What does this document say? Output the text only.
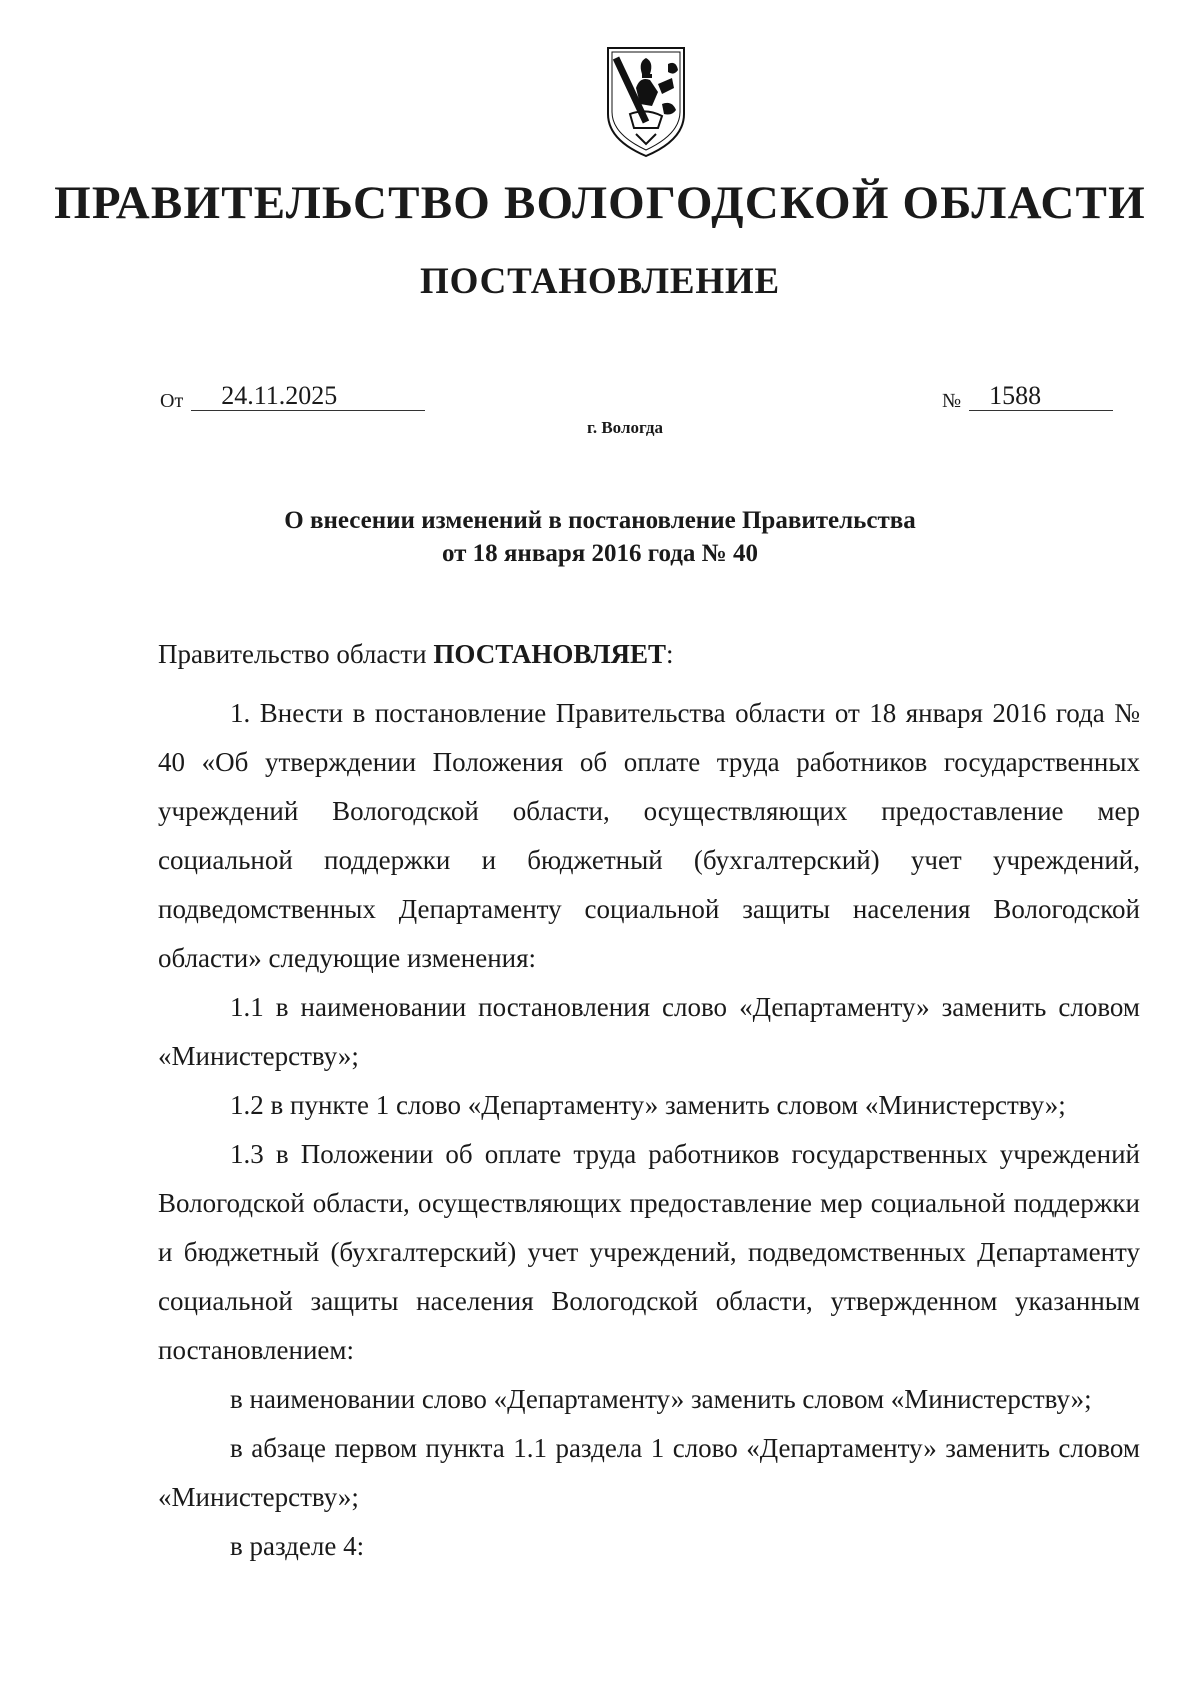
ПРАВИТЕЛЬСТВО ВОЛОГОДСКОЙ ОБЛАСТИ
ПОСТАНОВЛЕНИЕ
От 24.11.2025	№ 1588
г. Вологда
О внесении изменений в постановление Правительства
от 18 января 2016 года № 40

Правительство области ПОСТАНОВЛЯЕТ:

1. Внести в постановление Правительства области от 18 января 2016 года № 40 «Об утверждении Положения об оплате труда работников государственных учреждений Вологодской области, осуществляющих предоставление мер социальной поддержки и бюджетный (бухгалтерский) учет учреждений, подведомственных Департаменту социальной защиты населения Вологодской области» следующие изменения:

1.1 в наименовании постановления слово «Департаменту» заменить словом «Министерству»;

1.2 в пункте 1 слово «Департаменту» заменить словом «Министерству»;

1.3 в Положении об оплате труда работников государственных учреждений Вологодской области, осуществляющих предоставление мер социальной поддержки и бюджетный (бухгалтерский) учет учреждений, подведомственных Департаменту социальной защиты населения Вологодской области, утвержденном указанным постановлением:

в наименовании слово «Департаменту» заменить словом «Министерству»;

в абзаце первом пункта 1.1 раздела 1 слово «Департаменту» заменить словом «Министерству»;

в разделе 4:
